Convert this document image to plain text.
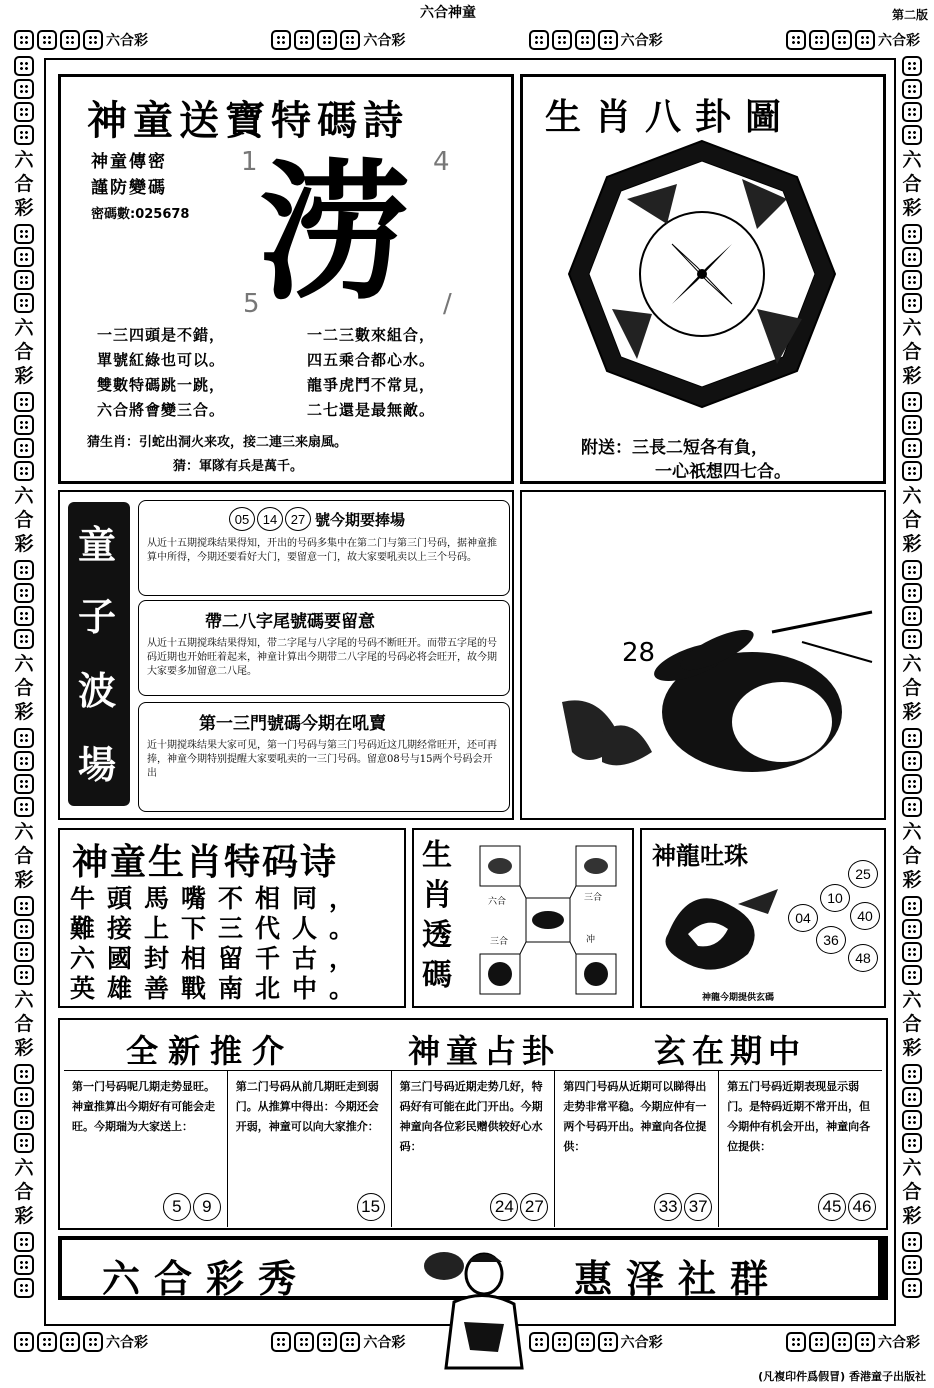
六合神童	第二版
六合彩	六合彩	六合彩	六合彩
六合彩	六合彩	六合彩	六合彩
六
合
彩
六
合
彩
六
合
彩
六
合
彩
六
合
彩
六
合
彩
六
合
彩
六
合
彩
六
合
彩
六
合
彩
六
合
彩
六
合
彩
六
合
彩
六
合
彩
神童送寶特碼詩
神童傳密
謹防變碼
密碼數:025678 涝
1	4
5	/
一三四頭是不錯，
單號紅綠也可以。
雙數特碼跳一跳，
六合將會變三合。
一二三數來組合，
四五乘合都心水。
龍爭虎鬥不常見，
二七還是最無敵。
猜生肖：引蛇出洞火来攻，接二連三来扇風。
猜：軍隊有兵是萬千。
生肖八卦圖
附送：三長二短各有負，
一心祇想四七合。
童
子
波
場
05	14	27 號今期要捧場
从近十五期搅珠结果得知，开出的号码多集中在第二门与第三门号码，据神童推算中所得，今期还要看好大门，要留意一门，故大家要吼卖以上三个号码。
帶二八字尾號碼要留意
从近十五期搅珠结果得知，带二字尾与八字尾的号码不断旺开。而带五字尾的号码近期也开始旺着起来，神童计算出今期带二八字尾的号码必将会旺开，故今期大家要多加留意二八尾。
第一三門號碼今期在吼賣
近十期搅珠结果大家可见，第一门号码与第三门号码近这几期经常旺开，还可再捧，神童今期特别提醒大家要吼卖的一三门号码。留意08号与15两个号码会开出
28
神童生肖特码诗
牛頭馬嘴不相同，
難接上下三代人。
六國封相留千古，
英雄善戰南北中。
生
肖
透
碼
六合	三合
三合	冲
神龍吐珠
神龍今期提供玄碼
25
10
40
04
36
48
全新推介	神童占卦	玄在期中
第一门号码呢几期走势显旺。神童推算出今期好有可能会走旺。今期瑞为大家送上：
5	9
第二门号码从前几期旺走到弱门。从推算中得出：今期还会开弱，神童可以向大家推介：
15
第三门号码近期走势几好，特码好有可能在此门开出。今期神童向各位彩民赠供较好心水码：
24 27
第四门号码从近期可以睇得出走势非常平稳。今期应仲有一两个号码开出。神童向各位提供：
33 37
第五门号码近期表现显示弱门。是特码近期不常开出，但今期仲有机会开出，神童向各位提供：
45 46
六合彩秀	惠泽社群
(凡複印件爲假冒) 香港童子出版社
